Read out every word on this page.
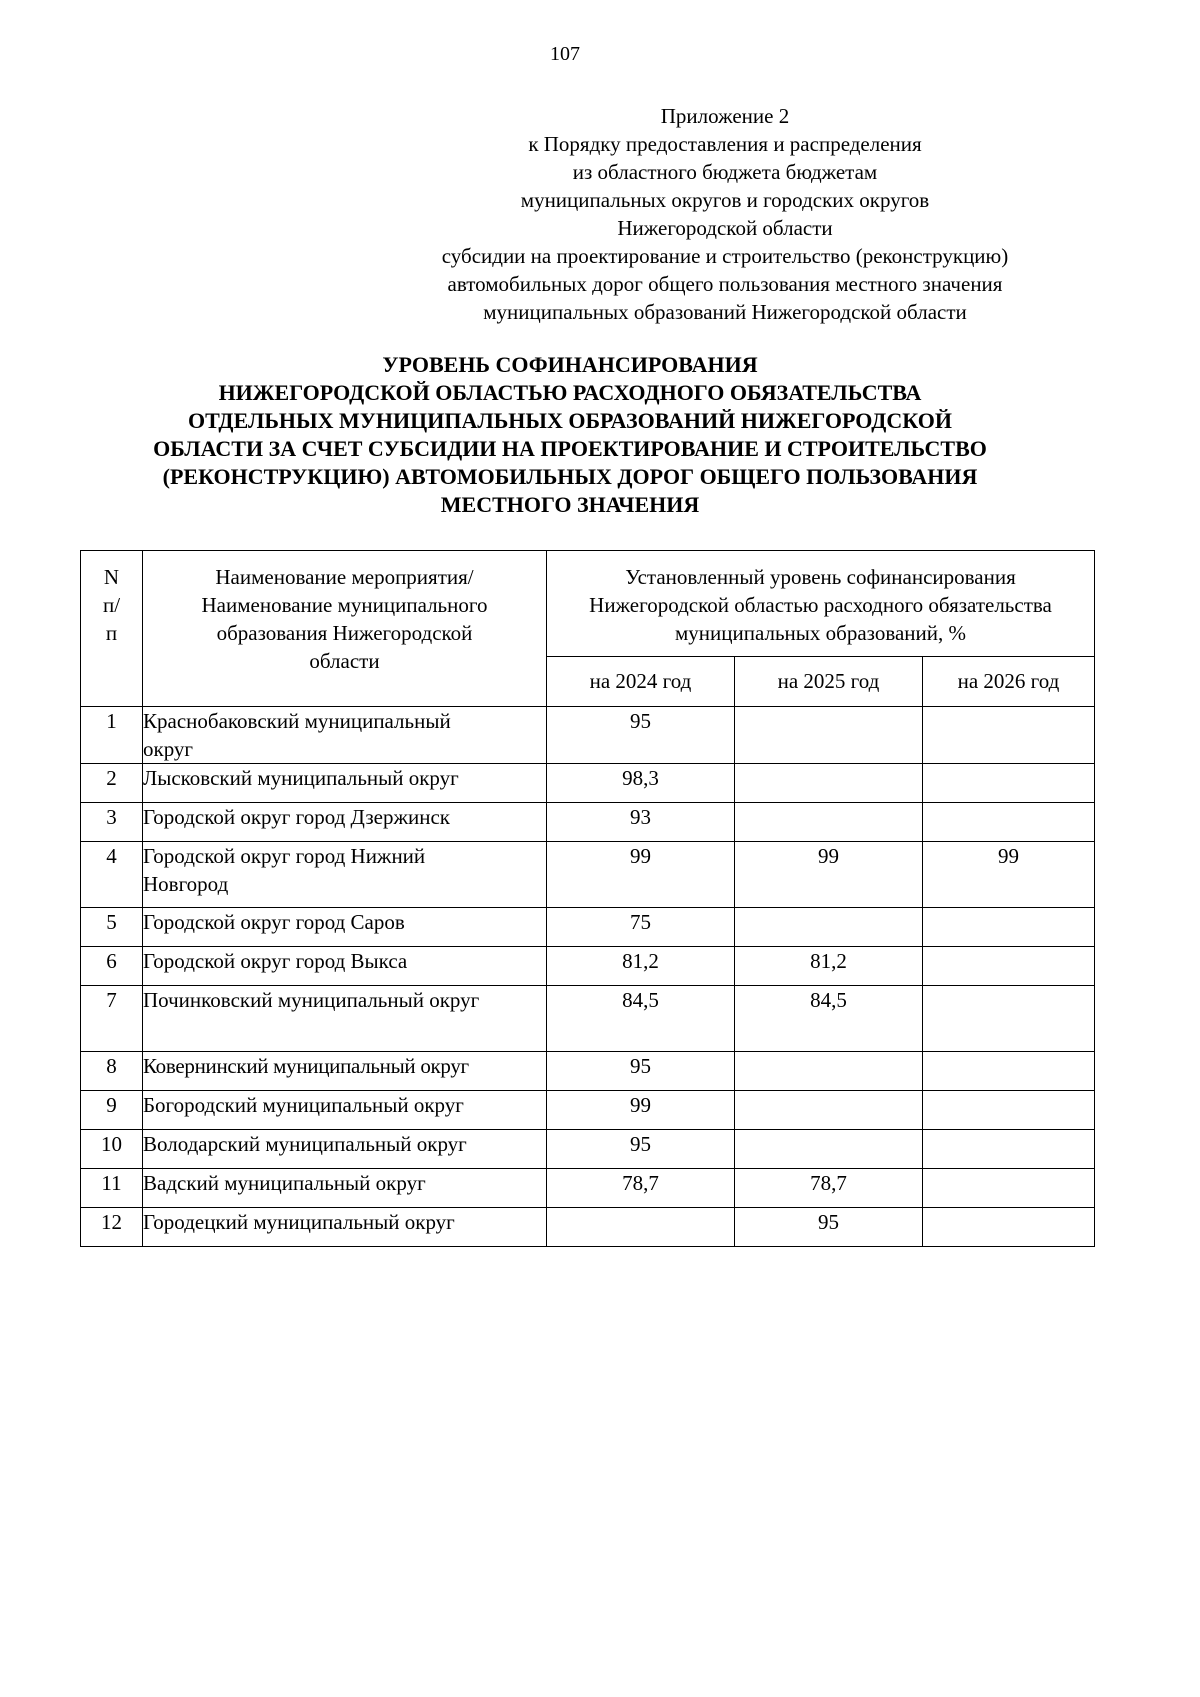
107
Приложение 2
к Порядку предоставления и распределения
из областного бюджета бюджетам
муниципальных округов и городских округов
Нижегородской области
субсидии на проектирование и строительство (реконструкцию)
автомобильных дорог общего пользования местного значения
муниципальных образований Нижегородской области
УРОВЕНЬ СОФИНАНСИРОВАНИЯ
НИЖЕГОРОДСКОЙ ОБЛАСТЬЮ РАСХОДНОГО ОБЯЗАТЕЛЬСТВА
ОТДЕЛЬНЫХ МУНИЦИПАЛЬНЫХ ОБРАЗОВАНИЙ НИЖЕГОРОДСКОЙ
ОБЛАСТИ ЗА СЧЕТ СУБСИДИИ НА ПРОЕКТИРОВАНИЕ И СТРОИТЕЛЬСТВО
(РЕКОНСТРУКЦИЮ) АВТОМОБИЛЬНЫХ ДОРОГ ОБЩЕГО ПОЛЬЗОВАНИЯ
МЕСТНОГО ЗНАЧЕНИЯ
N п/п	Наименование мероприятия/Наименование муниципального образования Нижегородской области	Установленный уровень софинансирования Нижегородской областью расходного обязательства муниципальных образований, %		

		на 2024 год	на 2025 год	на 2026 год

1	Краснобаковский муниципальный округ	95		
2	Лысковский муниципальный округ	98,3		
3	Городской округ город Дзержинск	93		
4	Городской округ город Нижний Новгород	99	99	99
5	Городской округ город Саров	75		
6	Городской округ город Выкса	81,2	81,2	
7	Починковский муниципальный округ	84,5	84,5	
8	Ковернинский муниципальный округ	95		
9	Богородский муниципальный округ	99		
10	Володарский муниципальный округ	95		
11	Вадский муниципальный округ	78,7	78,7	
12	Городецкий муниципальный округ		95	
